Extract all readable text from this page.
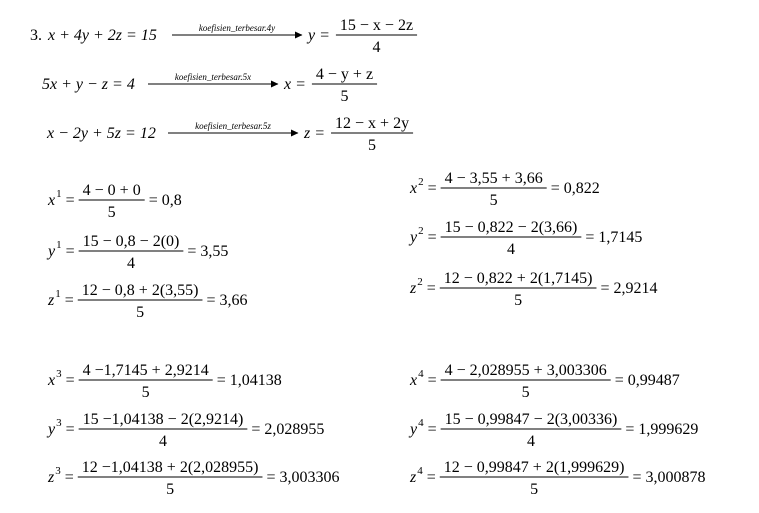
3. x + 4y + 2z = 15	koefisien_terbesar.4y y =
15 − x − 2z
4
5x + y − z = 4	koefisien_terbesar.5x x =
4 − y + z
5
x − 2y + 5z = 12	koefisien_terbesar.5z z =
12 − x + 2y
5
x 1 =
4 − 0 + 0
5
= 0,8
y 1 =
15 − 0,8 − 2(0)
4
= 3,55
z 1 =
12 − 0,8 + 2(3,55)
5
= 3,66
x 2 =
4 − 3,55 + 3,66
5
= 0,822
y 2 =
15 − 0,822 − 2(3,66)
4
= 1,7145
z 2 =
12 − 0,822 + 2(1,7145)
5
= 2,9214
x 3 =
4 −1,7145 + 2,9214
5
= 1,04138
y 3 =
15 −1,04138 − 2(2,9214)
4
= 2,028955
z 3 =
12 −1,04138 + 2(2,028955)
5
= 3,003306
x 4 =
4 − 2,028955 + 3,003306
5
= 0,99487
y 4 =
15 − 0,99847 − 2(3,00336)
4
= 1,999629
z 4 =
12 − 0,99847 + 2(1,999629)
5
= 3,000878
